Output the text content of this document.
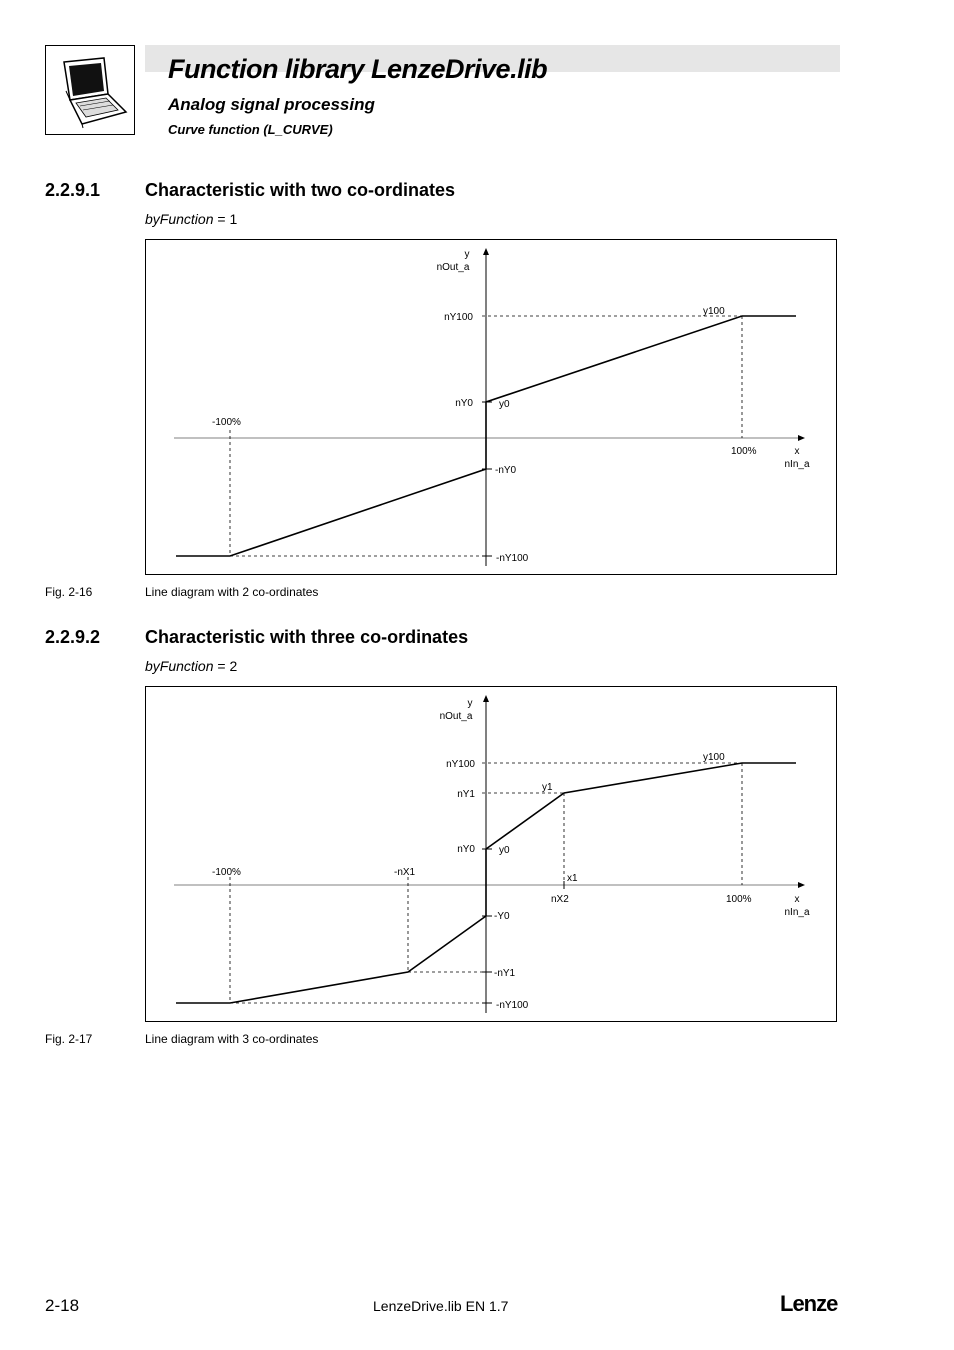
Function library LenzeDrive.lib
Analog signal processing
Curve function (L_CURVE)
2.2.9.1 Characteristic with two co-ordinates
byFunction = 1
y
nOut_a
nY100
y100
nY0	y0
-100%
100%	x
nIn_a
-nY0
-nY100
Fig. 2-16	Line diagram with 2 co-ordinates
2.2.9.2 Characteristic with three co-ordinates
byFunction = 2
y
nOut_a
nY100
y100
nY1
y1
nY0 y0
-100%	-nX1
x1
nX2	100%	x
nIn_a
-Y0
-nY1
-nY100
Fig. 2-17	Line diagram with 3 co-ordinates
2-18	LenzeDrive.lib EN 1.7	Lenze
